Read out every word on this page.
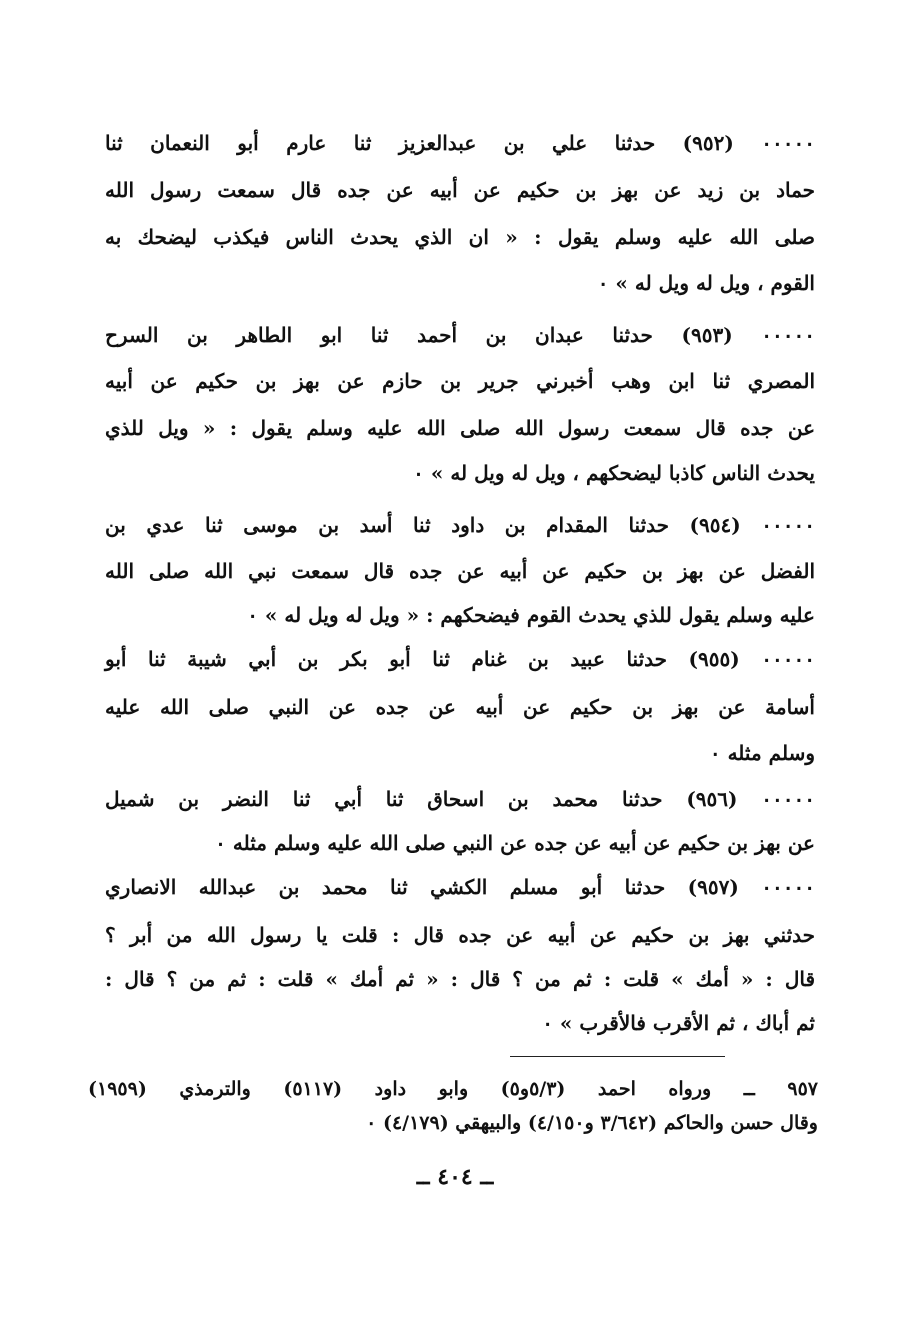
٠٠٠٠٠ (٩٥٢) حدثنا علي بن عبدالعزيز ثنا عارم أبو النعمان ثنا
حماد بن زيد عن بهز بن حكيم عن أبيه عن جده قال سمعت رسول الله
صلى الله عليه وسلم يقول : « ان الذي يحدث الناس فيكذب ليضحك به
القوم ، ويل له ويل له » ٠
٠٠٠٠٠ (٩٥٣) حدثنا عبدان بن أحمد ثنا ابو الطاهر بن السرح
المصري ثنا ابن وهب أخبرني جرير بن حازم عن بهز بن حكيم عن أبيه
عن جده قال سمعت رسول الله صلى الله عليه وسلم يقول : « ويل للذي
يحدث الناس كاذبا ليضحكهم ، ويل له ويل له » ٠
٠٠٠٠٠ (٩٥٤) حدثنا المقدام بن داود ثنا أسد بن موسى ثنا عدي بن
الفضل عن بهز بن حكيم عن أبيه عن جده قال سمعت نبي الله صلى الله
عليه وسلم يقول للذي يحدث القوم فيضحكهم : « ويل له ويل له » ٠
٠٠٠٠٠ (٩٥٥) حدثنا عبيد بن غنام ثنا أبو بكر بن أبي شيبة ثنا أبو
أسامة عن بهز بن حكيم عن أبيه عن جده عن النبي صلى الله عليه
وسلم مثله ٠
٠٠٠٠٠ (٩٥٦) حدثنا محمد بن اسحاق ثنا أبي ثنا النضر بن شميل
عن بهز بن حكيم عن أبيه عن جده عن النبي صلى الله عليه وسلم مثله ٠
٠٠٠٠٠ (٩٥٧) حدثنا أبو مسلم الكشي ثنا محمد بن عبدالله الانصاري
حدثني بهز بن حكيم عن أبيه عن جده قال : قلت يا رسول الله من أبر ؟
قال : « أمك » قلت : ثم من ؟ قال : « ثم أمك » قلت : ثم من ؟ قال :
ثم أباك ، ثم الأقرب فالأقرب » ٠
٩٥٧ ــ ورواه احمد (٥/٣و٥) وابو داود (٥١١٧) والترمذي (١٩٥٩)
وقال حسن والحاكم (٣/٦٤٢ و٤/١٥٠) والبيهقي (٤/١٧٩) ٠
ــ ٤٠٤ ــ
